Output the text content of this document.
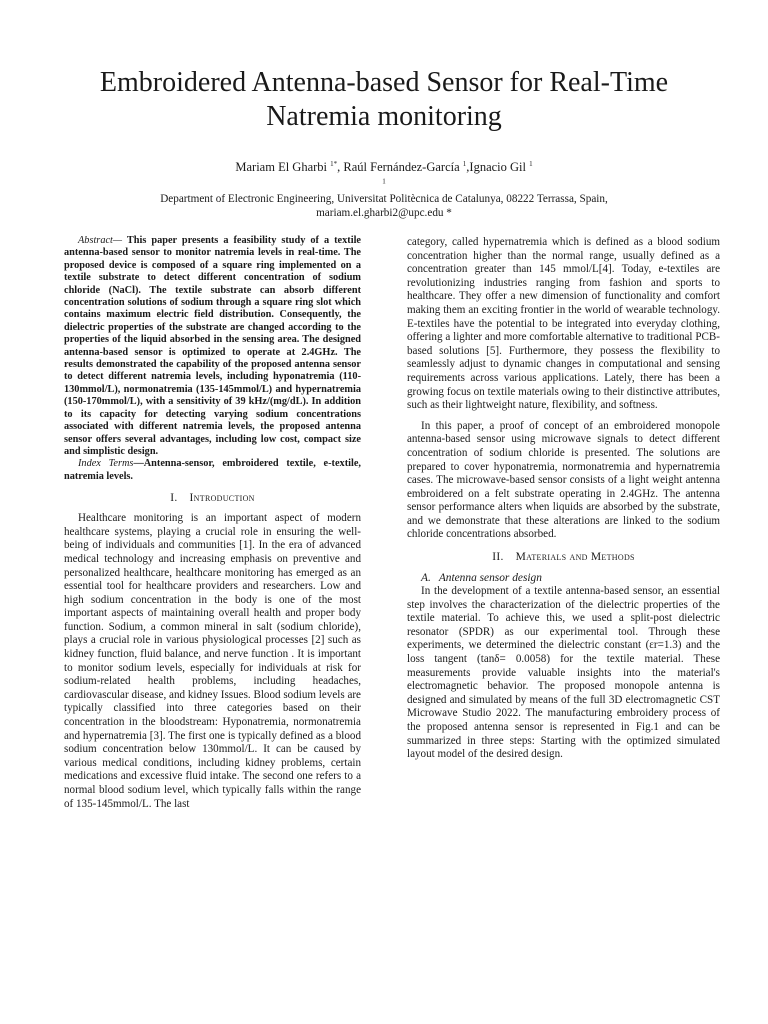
Embroidered Antenna-based Sensor for Real-Time
Natremia monitoring
Mariam El Gharbi $^{1*}$, Raúl Fernández-García $^1$,Ignacio Gil $^1$
$^1$
Department of Electronic Engineering, Universitat Politècnica de Catalunya, 08222 Terrassa, Spain,
mariam.el.gharbi2@upc.edu *

Abstract— This paper presents a feasibility study of a textile antenna-based sensor to monitor natremia levels in real-time. The proposed device is composed of a square ring implemented on a textile substrate to detect different concentration of sodium chloride (NaCl). The textile substrate can absorb different concentration solutions of sodium through a square ring slot which contains maximum electric field distribution. Consequently, the dielectric properties of the substrate are changed according to the properties of the liquid absorbed in the sensing area. The designed antenna-based sensor is optimized to operate at 2.4GHz. The results demonstrated the capability of the proposed antenna sensor to detect different natremia levels, including hyponatremia (110-130mmol/L), normonatremia (135-145mmol/L) and hypernatremia (150-170mmol/L), with a sensitivity of 39 kHz/(mg/dL). In addition to its capacity for detecting varying sodium concentrations associated with different natremia levels, the proposed antenna sensor offers several advantages, including low cost, compact size and simplistic design.

Index Terms—Antenna-sensor, embroidered textile, e-textile, natremia levels.

I. Introduction

Healthcare monitoring is an important aspect of modern healthcare systems, playing a crucial role in ensuring the well-being of individuals and communities [1]. In the era of advanced medical technology and increasing emphasis on preventive and personalized healthcare, healthcare monitoring has emerged as an essential tool for healthcare providers and researchers. Low and high sodium concentration in the body is one of the most important aspects of maintaining overall health and proper body function. Sodium, a common mineral in salt (sodium chloride), plays a crucial role in various physiological processes [2] such as kidney function, fluid balance, and nerve function . It is important to monitor sodium levels, especially for individuals at risk for sodium-related health problems, including headaches, cardiovascular disease, and kidney Issues. Blood sodium levels are typically classified into three categories based on their concentration in the bloodstream: Hyponatremia, normonatremia and hypernatremia [3]. The first one is typically defined as a blood sodium concentration below 130mmol/L. It can be caused by various medical conditions, including kidney problems, certain medications and excessive fluid intake. The second one refers to a normal blood sodium level, which typically falls within the range of 135-145mmol/L. The last

category, called hypernatremia which is defined as a blood sodium concentration higher than the normal range, usually defined as a concentration greater than 145 mmol/L[4]. Today, e-textiles are revolutionizing industries ranging from fashion and sports to healthcare. They offer a new dimension of functionality and comfort making them an exciting frontier in the world of wearable technology. E-textiles have the potential to be integrated into everyday clothing, offering a lighter and more comfortable alternative to traditional PCB-based solutions [5]. Furthermore, they possess the flexibility to seamlessly adjust to dynamic changes in computational and sensing requirements across various applications. Lately, there has been a growing focus on textile materials owing to their distinctive attributes, such as their lightweight nature, flexibility, and softness.

In this paper, a proof of concept of an embroidered monopole antenna-based sensor using microwave signals to detect different concentration of sodium chloride is presented. The solutions are prepared to cover hyponatremia, normonatremia and hypernatremia cases. The microwave-based sensor consists of a light weight antenna embroidered on a felt substrate operating in 2.4GHz. The antenna sensor performance alters when liquids are absorbed by the substrate, and we demonstrate that these alterations are linked to the sodium chloride concentrations absorbed.

II. Materials and Methods

A. Antenna sensor design

In the development of a textile antenna-based sensor, an essential step involves the characterization of the dielectric properties of the textile material. To achieve this, we used a split-post dielectric resonator (SPDR) as our experimental tool. Through these experiments, we determined the dielectric constant (εr=1.3) and the loss tangent (tanδ= 0.0058) for the textile material. These measurements provide valuable insights into the material's electromagnetic behavior. The proposed monopole antenna is designed and simulated by means of the full 3D electromagnetic CST Microwave Studio 2022. The manufacturing embroidery process of the proposed antenna sensor is represented in Fig.1 and can be summarized in three steps: Starting with the optimized simulated layout model of the desired design.
